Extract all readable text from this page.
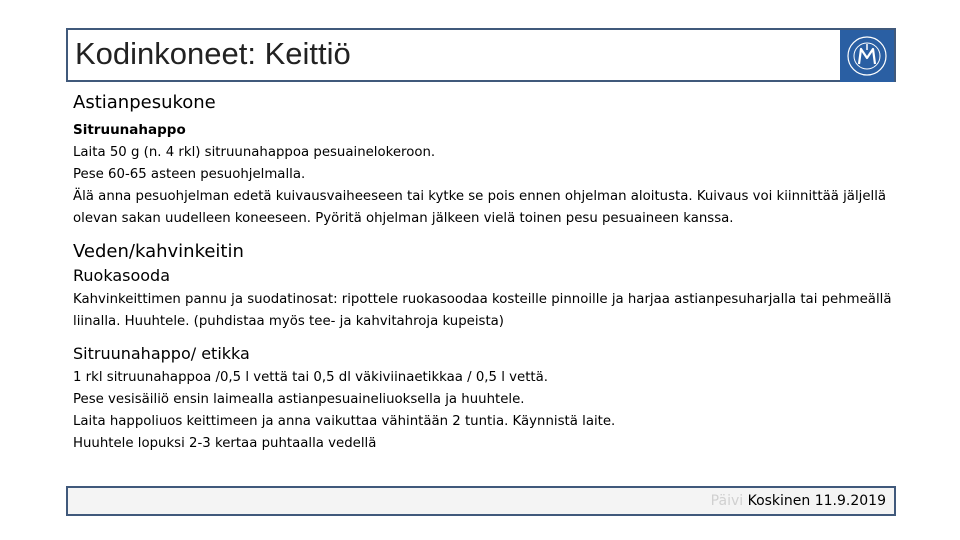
Kodinkoneet: Keittiö

Astianpesukone

Sitruunahappo

Laita 50 g (n. 4 rkl) sitruunahappoa pesuainelokeroon.

Pese 60-65 asteen pesuohjelmalla.

Älä anna pesuohjelman edetä kuivausvaiheeseen tai kytke se pois ennen ohjelman aloitusta. Kuivaus voi kiinnittää jäljellä olevan sakan uudelleen koneeseen. Pyöritä ohjelman jälkeen vielä toinen pesu pesuaineen kanssa.

Veden/kahvinkeitin

Ruokasooda

Kahvinkeittimen pannu ja suodatinosat: ripottele ruokasoodaa kosteille pinnoille ja harjaa astianpesuharjalla tai pehmeällä liinalla. Huuhtele. (puhdistaa myös tee- ja kahvitahroja kupeista)

Sitruunahappo/ etikka

1 rkl sitruunahappoa /0,5 l vettä tai 0,5 dl väkiviinaetikkaa / 0,5 l vettä.

Pese vesisäiliö ensin laimealla astianpesuaineliuoksella ja huuhtele.

Laita happoliuos keittimeen ja anna vaikuttaa vähintään 2 tuntia. Käynnistä laite.

Huuhtele lopuksi 2-3 kertaa puhtaalla vedellä

Päivi Koskinen 11.9.2019
